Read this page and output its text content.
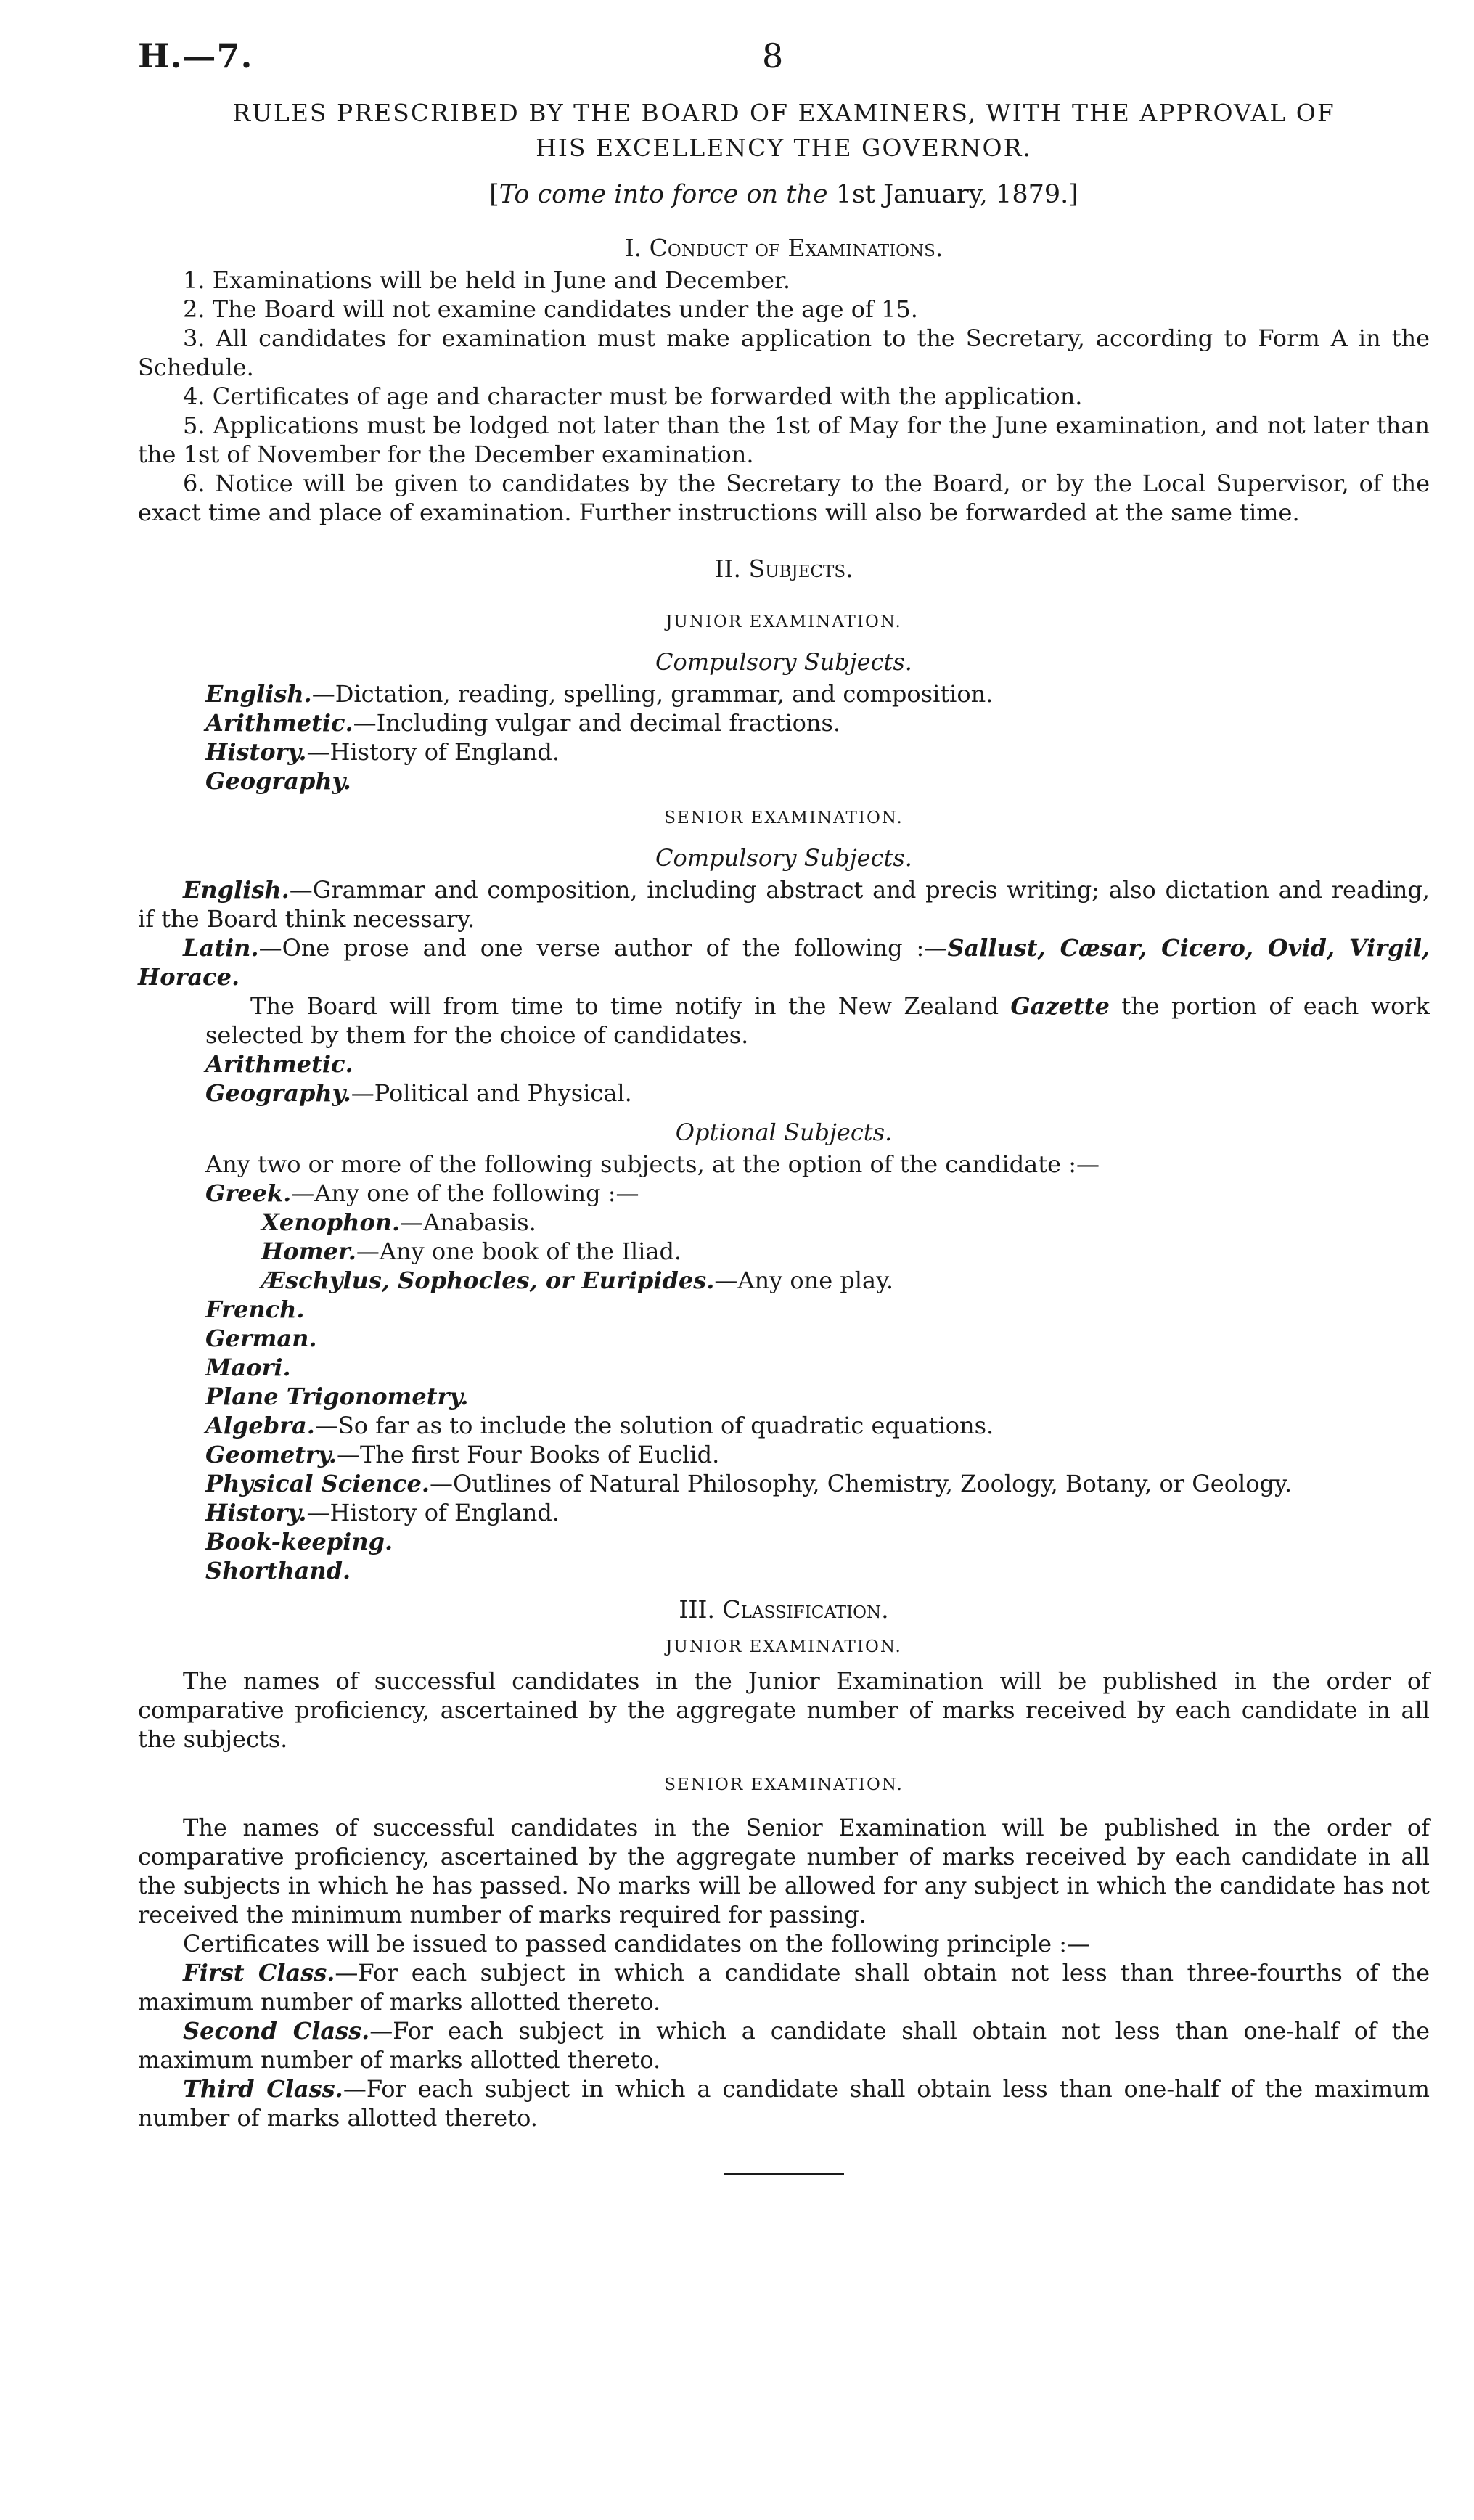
H.—7.	8
RULES PRESCRIBED BY THE BOARD OF EXAMINERS, WITH THE APPROVAL OF
HIS EXCELLENCY THE GOVERNOR.
[To come into force on the 1st January, 1879.]
I. Conduct of Examinations.

1. Examinations will be held in June and December.

2. The Board will not examine candidates under the age of 15.

3. All candidates for examination must make application to the Secretary, according to Form A in the Schedule.

4. Certificates of age and character must be forwarded with the application.

5. Applications must be lodged not later than the 1st of May for the June examination, and not later than the 1st of November for the December examination.

6. Notice will be given to candidates by the Secretary to the Board, or by the Local Supervisor, of the exact time and place of examination. Further instructions will also be forwarded at the same time.

II. Subjects.
JUNIOR EXAMINATION.
Compulsory Subjects.

English.—Dictation, reading, spelling, grammar, and composition.

Arithmetic.—Including vulgar and decimal fractions.

History.—History of England.

Geography.

SENIOR EXAMINATION.
Compulsory Subjects.

English.—Grammar and composition, including abstract and precis writing; also dictation and reading, if the Board think necessary.

Latin.—One prose and one verse author of the following :—Sallust, Cæsar, Cicero, Ovid, Virgil, Horace.

The Board will from time to time notify in the New Zealand Gazette the portion of each work selected by them for the choice of candidates.

Arithmetic.

Geography.—Political and Physical.

Optional Subjects.

Any two or more of the following subjects, at the option of the candidate :—

Greek.—Any one of the following :—

Xenophon.—Anabasis.

Homer.—Any one book of the Iliad.

Æschylus, Sophocles, or Euripides.—Any one play.

French.

German.

Maori.

Plane Trigonometry.

Algebra.—So far as to include the solution of quadratic equations.

Geometry.—The first Four Books of Euclid.

Physical Science.—Outlines of Natural Philosophy, Chemistry, Zoology, Botany, or Geology.

History.—History of England.

Book-keeping.

Shorthand.

III. Classification.
JUNIOR EXAMINATION.

The names of successful candidates in the Junior Examination will be published in the order of comparative proficiency, ascertained by the aggregate number of marks received by each candidate in all the subjects.

SENIOR EXAMINATION.

The names of successful candidates in the Senior Examination will be published in the order of comparative proficiency, ascertained by the aggregate number of marks received by each candidate in all the subjects in which he has passed. No marks will be allowed for any subject in which the candidate has not received the minimum number of marks required for passing.

Certificates will be issued to passed candidates on the following principle :—

First Class.—For each subject in which a candidate shall obtain not less than three-fourths of the maximum number of marks allotted thereto.

Second Class.—For each subject in which a candidate shall obtain not less than one-half of the maximum number of marks allotted thereto.

Third Class.—For each subject in which a candidate shall obtain less than one-half of the maximum number of marks allotted thereto.
